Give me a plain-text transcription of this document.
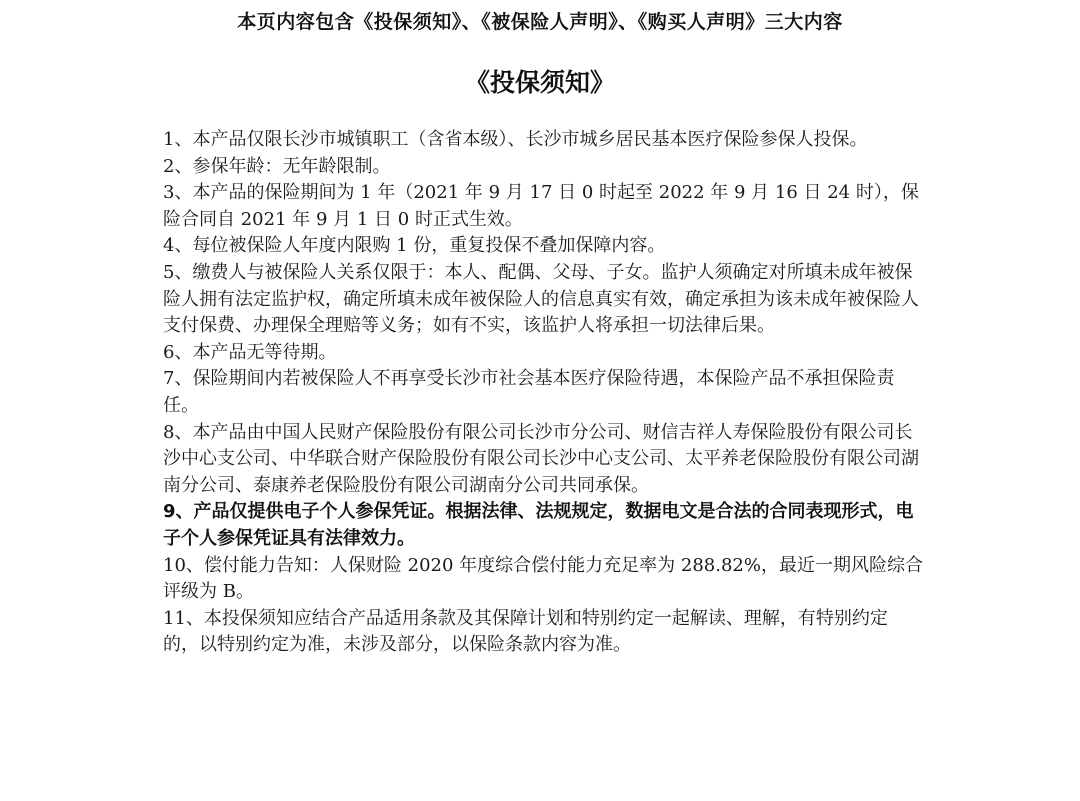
本页内容包含《投保须知》、《被保险人声明》、《购买人声明》三大内容
《投保须知》
1、本产品仅限长沙市城镇职工（含省本级）、长沙市城乡居民基本医疗保险参保人投保。
2、参保年龄：无年龄限制。
3、本产品的保险期间为 1 年（2021 年 9 月 17 日 0 时起至 2022 年 9 月 16 日 24 时），保险合同自 2021 年 9 月 1 日 0 时正式生效。
4、每位被保险人年度内限购 1 份，重复投保不叠加保障内容。
5、缴费人与被保险人关系仅限于：本人、配偶、父母、子女。监护人须确定对所填未成年被保险人拥有法定监护权，确定所填未成年被保险人的信息真实有效，确定承担为该未成年被保险人支付保费、办理保全理赔等义务；如有不实，该监护人将承担一切法律后果。
6、本产品无等待期。
7、保险期间内若被保险人不再享受长沙市社会基本医疗保险待遇，本保险产品不承担保险责任。
8、本产品由中国人民财产保险股份有限公司长沙市分公司、财信吉祥人寿保险股份有限公司长沙中心支公司、中华联合财产保险股份有限公司长沙中心支公司、太平养老保险股份有限公司湖南分公司、泰康养老保险股份有限公司湖南分公司共同承保。
9、产品仅提供电子个人参保凭证。根据法律、法规规定，数据电文是合法的合同表现形式，电子个人参保凭证具有法律效力。
10、偿付能力告知：人保财险 2020 年度综合偿付能力充足率为 288.82%，最近一期风险综合评级为 B。
11、本投保须知应结合产品适用条款及其保障计划和特别约定一起解读、理解，有特别约定的，以特别约定为准，未涉及部分，以保险条款内容为准。
